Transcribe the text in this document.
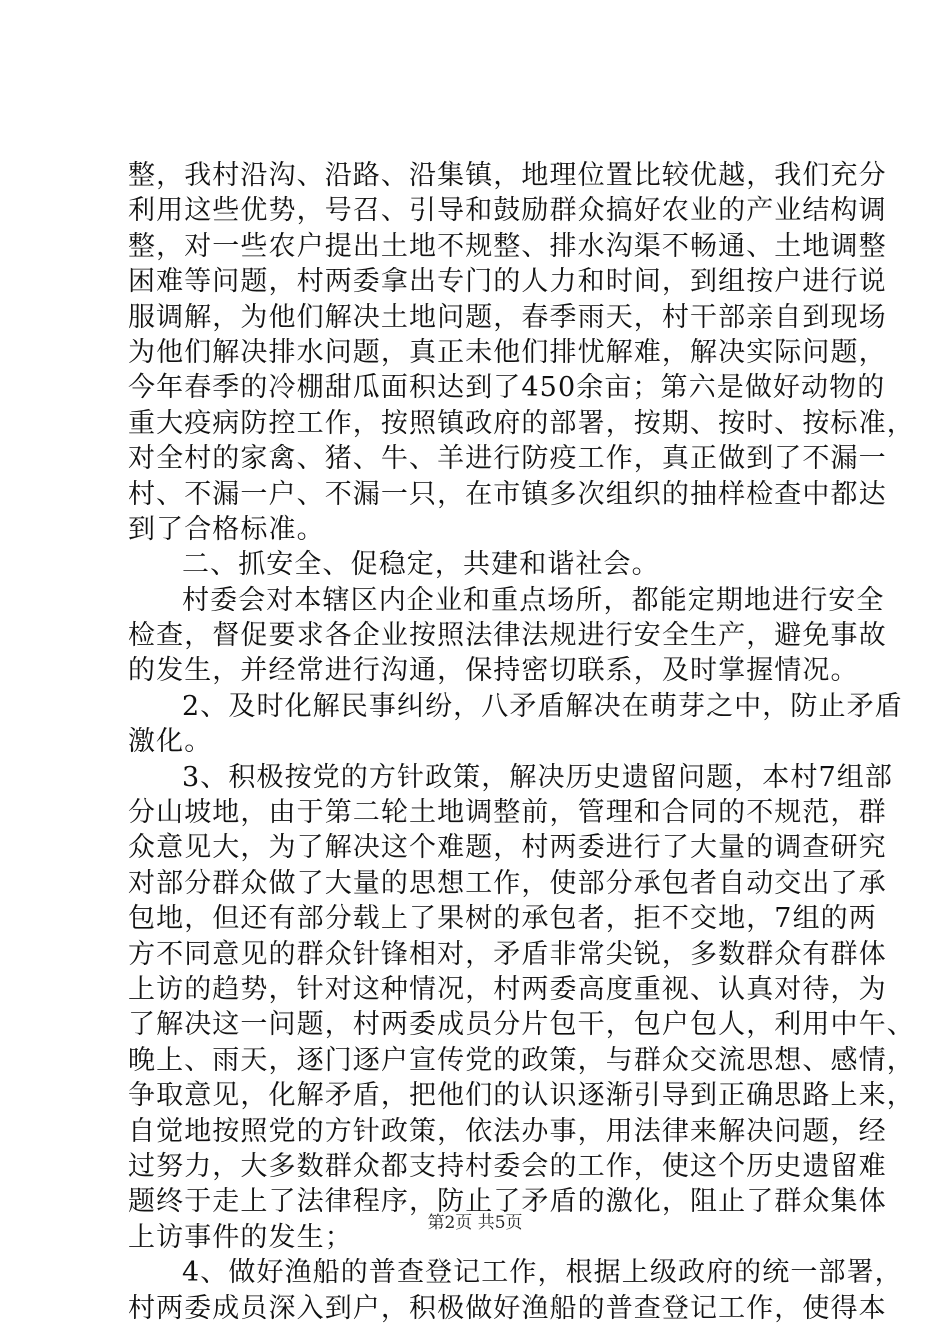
整，我村沿沟、沿路、沿集镇，地理位置比较优越，我们充分
利用这些优势，号召、引导和鼓励群众搞好农业的产业结构调
整，对一些农户提出土地不规整、排水沟渠不畅通、土地调整
困难等问题，村两委拿出专门的人力和时间，到组按户进行说
服调解，为他们解决土地问题，春季雨天，村干部亲自到现场
为他们解决排水问题，真正未他们排忧解难，解决实际问题，
今年春季的冷棚甜瓜面积达到了450余亩；第六是做好动物的
重大疫病防控工作，按照镇政府的部署，按期、按时、按标准，
对全村的家禽、猪、牛、羊进行防疫工作，真正做到了不漏一
村、不漏一户、不漏一只，在市镇多次组织的抽样检查中都达
到了合格标准。
二、抓安全、促稳定，共建和谐社会。
村委会对本辖区内企业和重点场所，都能定期地进行安全
检查，督促要求各企业按照法律法规进行安全生产，避免事故
的发生，并经常进行沟通，保持密切联系，及时掌握情况。
2、及时化解民事纠纷，八矛盾解决在萌芽之中，防止矛盾
激化。
3、积极按党的方针政策，解决历史遗留问题，本村7组部
分山坡地，由于第二轮土地调整前，管理和合同的不规范，群
众意见大，为了解决这个难题，村两委进行了大量的调查研究
对部分群众做了大量的思想工作，使部分承包者自动交出了承
包地，但还有部分载上了果树的承包者，拒不交地，7组的两
方不同意见的群众针锋相对，矛盾非常尖锐，多数群众有群体
上访的趋势，针对这种情况，村两委高度重视、认真对待，为
了解决这一问题，村两委成员分片包干，包户包人，利用中午、
晚上、雨天，逐门逐户宣传党的政策，与群众交流思想、感情，
争取意见，化解矛盾，把他们的认识逐渐引导到正确思路上来，
自觉地按照党的方针政策，依法办事，用法律来解决问题，经
过努力，大多数群众都支持村委会的工作，使这个历史遗留难
题终于走上了法律程序，防止了矛盾的激化，阻止了群众集体
上访事件的发生；
4、做好渔船的普查登记工作，根据上级政府的统一部署，
村两委成员深入到户，积极做好渔船的普查登记工作，使得本
第2页 共5页
